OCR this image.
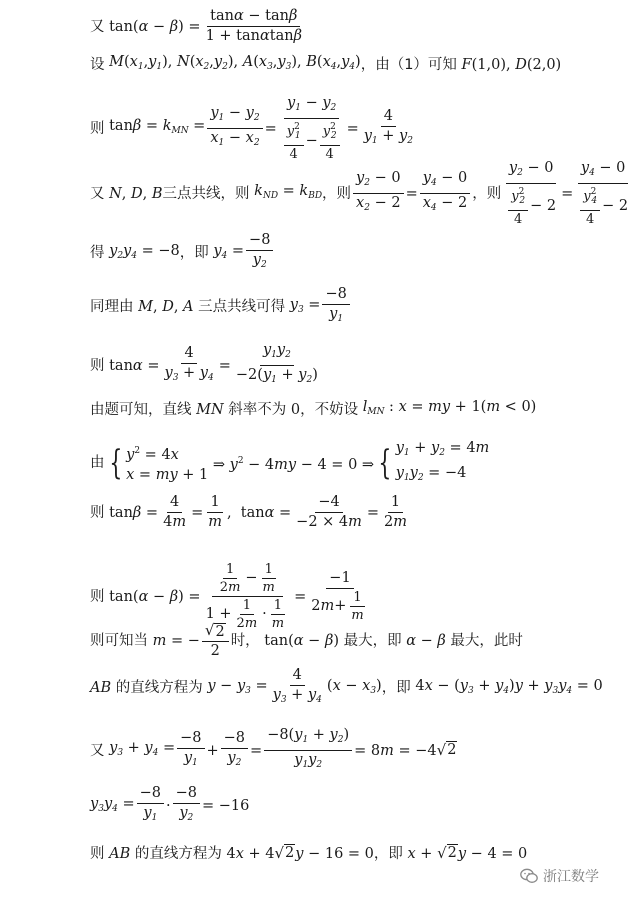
又 $\tan(\alpha - \beta) = \frac{\tan\alpha - \tan\beta}{1 + \tan\alpha\tan\beta}$
设 $M(x_1,y_1)$, $N(x_2,y_2)$, $A(x_3,y_3)$, $B(x_4,y_4)$ ，由（1）可知 F(1,0), D(2,0)
则 $\tan\beta = k_{MN} = \frac{y_1 - y_2}{x_1 - x_2} = \frac{y_1 - y_2}{\frac{y^2_1}{4} - \frac{y^2_2}{4}} = \frac{4}{y_1 + y_2}$
又 N, D, B 三点共线，则 $k_{ND} = k_{BD}$ ，则 $\frac{y_2 - 0}{x_2 - 2} = \frac{y_4 - 0}{x_4 - 2}$ ，则 $\frac{y_2 - 0}{\frac{y^2_2}{4} - 2} = \frac{y_4 - 0}{\frac{y^2_4}{4} - 2}$
得 $y_2y_4 = -8$ ，即 $y_4 = \frac{-8}{y_2}$
同理由 M, D, A 三点共线可得 $y_3 = \frac{-8}{y_1}$
则 $\tan\alpha = \frac{4}{y_3 + y_4} = \frac{y_1y_2}{-2(y_1 + y_2)}$
由题可知，直线 MN 斜率不为 0 ，不妨设 $l_{MN}$ : x = my + 1(m < 0)
由 { $y^2 = 4x$
x = my + 1
⇒ $y^2 - 4my - 4 = 0$ ⇒ { $y_1 + y_2 = 4m$
$y_1y_2 = -4$
则 $\tan\beta = \frac{4}{4m} = \frac{1}{m}$ ,  $\tan\alpha = \frac{-4}{-2 \times 4m} = \frac{1}{2m}$
则 $\tan(\alpha - \beta) = \frac{\frac{1}{2m} - \frac{1}{m}}{1 + \frac{1}{2m} \cdot \frac{1}{m}} = \frac{-1}{2 m + \frac{1}{m}}$
则可知当 m = − $\frac{√ 2}{2}$ 时， tan(α − β) 最大，即 α − β 最大，此时
AB 的直线方程为 $y - y_3 = \frac{4}{y_3 + y_4} (x - x_3)$ ，即 $4x - (y_3 + y_4)y + y_3y_4 = 0$
又 $y_3 + y_4 = \frac{-8}{y_1} + \frac{-8}{y_2} = \frac{-8(y_1 + y_2)}{y_1y_2} = 8m = -4$ √ 2
$y_3y_4 = \frac{-8}{y_1} \cdot \frac{-8}{y_2} = -16$
则 AB 的直线方程为 4x + 4 √ 2 y − 16 = 0 ，即 x + √ 2 y − 4 = 0
浙江数学
